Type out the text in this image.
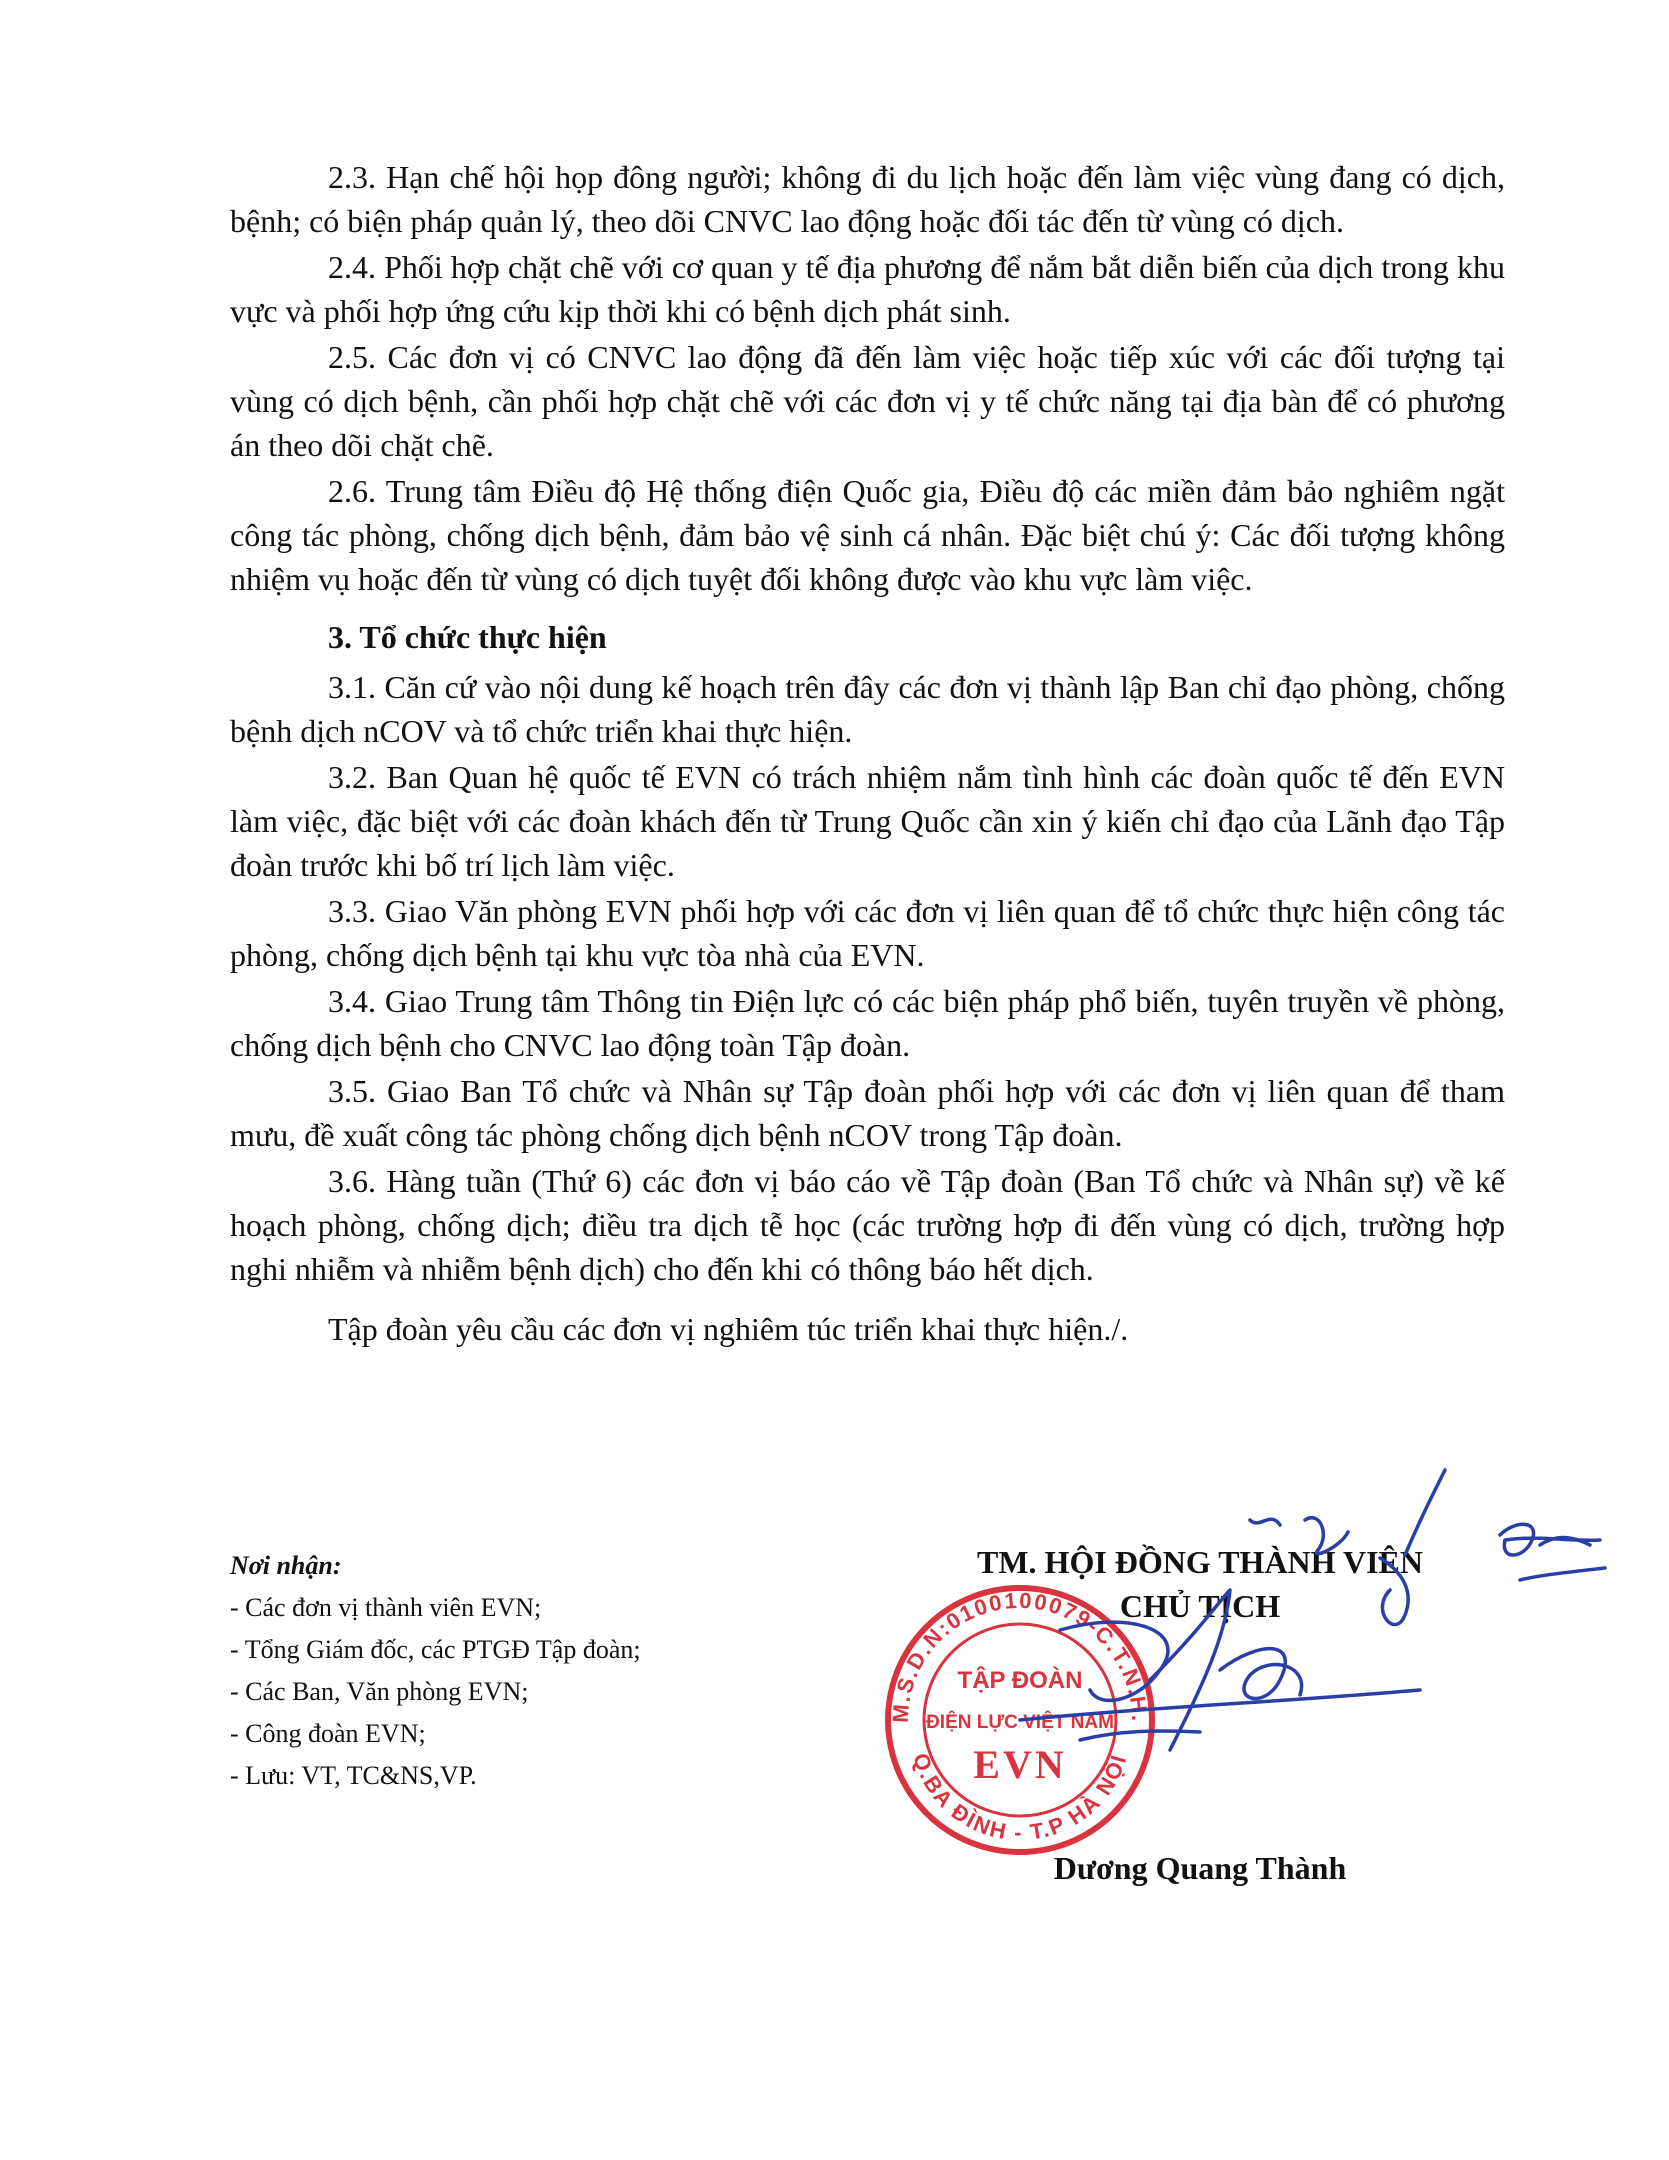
2.3. Hạn chế hội họp đông người; không đi du lịch hoặc đến làm việc vùng đang có dịch, bệnh; có biện pháp quản lý, theo dõi CNVC lao động hoặc đối tác đến từ vùng có dịch.

2.4. Phối hợp chặt chẽ với cơ quan y tế địa phương để nắm bắt diễn biến của dịch trong khu vực và phối hợp ứng cứu kịp thời khi có bệnh dịch phát sinh.

2.5. Các đơn vị có CNVC lao động đã đến làm việc hoặc tiếp xúc với các đối tượng tại vùng có dịch bệnh, cần phối hợp chặt chẽ với các đơn vị y tế chức năng tại địa bàn để có phương án theo dõi chặt chẽ.

2.6. Trung tâm Điều độ Hệ thống điện Quốc gia, Điều độ các miền đảm bảo nghiêm ngặt công tác phòng, chống dịch bệnh, đảm bảo vệ sinh cá nhân. Đặc biệt chú ý: Các đối tượng không nhiệm vụ hoặc đến từ vùng có dịch tuyệt đối không được vào khu vực làm việc.

3. Tổ chức thực hiện

3.1. Căn cứ vào nội dung kế hoạch trên đây các đơn vị thành lập Ban chỉ đạo phòng, chống bệnh dịch nCOV và tổ chức triển khai thực hiện.

3.2. Ban Quan hệ quốc tế EVN có trách nhiệm nắm tình hình các đoàn quốc tế đến EVN làm việc, đặc biệt với các đoàn khách đến từ Trung Quốc cần xin ý kiến chỉ đạo của Lãnh đạo Tập đoàn trước khi bố trí lịch làm việc.

3.3. Giao Văn phòng EVN phối hợp với các đơn vị liên quan để tổ chức thực hiện công tác phòng, chống dịch bệnh tại khu vực tòa nhà của EVN.

3.4. Giao Trung tâm Thông tin Điện lực có các biện pháp phổ biến, tuyên truyền về phòng, chống dịch bệnh cho CNVC lao động toàn Tập đoàn.

3.5. Giao Ban Tổ chức và Nhân sự Tập đoàn phối hợp với các đơn vị liên quan để tham mưu, đề xuất công tác phòng chống dịch bệnh nCOV trong Tập đoàn.

3.6. Hàng tuần (Thứ 6) các đơn vị báo cáo về Tập đoàn (Ban Tổ chức và Nhân sự) về kế hoạch phòng, chống dịch; điều tra dịch tễ học (các trường hợp đi đến vùng có dịch, trường hợp nghi nhiễm và nhiễm bệnh dịch) cho đến khi có thông báo hết dịch.

Tập đoàn yêu cầu các đơn vị nghiêm túc triển khai thực hiện./.

Nơi nhận:
- Các đơn vị thành viên EVN;
- Tổng Giám đốc, các PTGĐ Tập đoàn;
- Các Ban, Văn phòng EVN;
- Công đoàn EVN;
- Lưu: VT, TC&NS,VP.

TM. HỘI ĐỒNG THÀNH VIÊN

CHỦ TỊCH

M.S.D.N:0100100079-C.T.N.H.
Q.BA ĐÌNH - T.P HÀ NỘI
TẬP ĐOÀN
ĐIỆN LỰC VIỆT NAM
EVN
Dương Quang Thành
